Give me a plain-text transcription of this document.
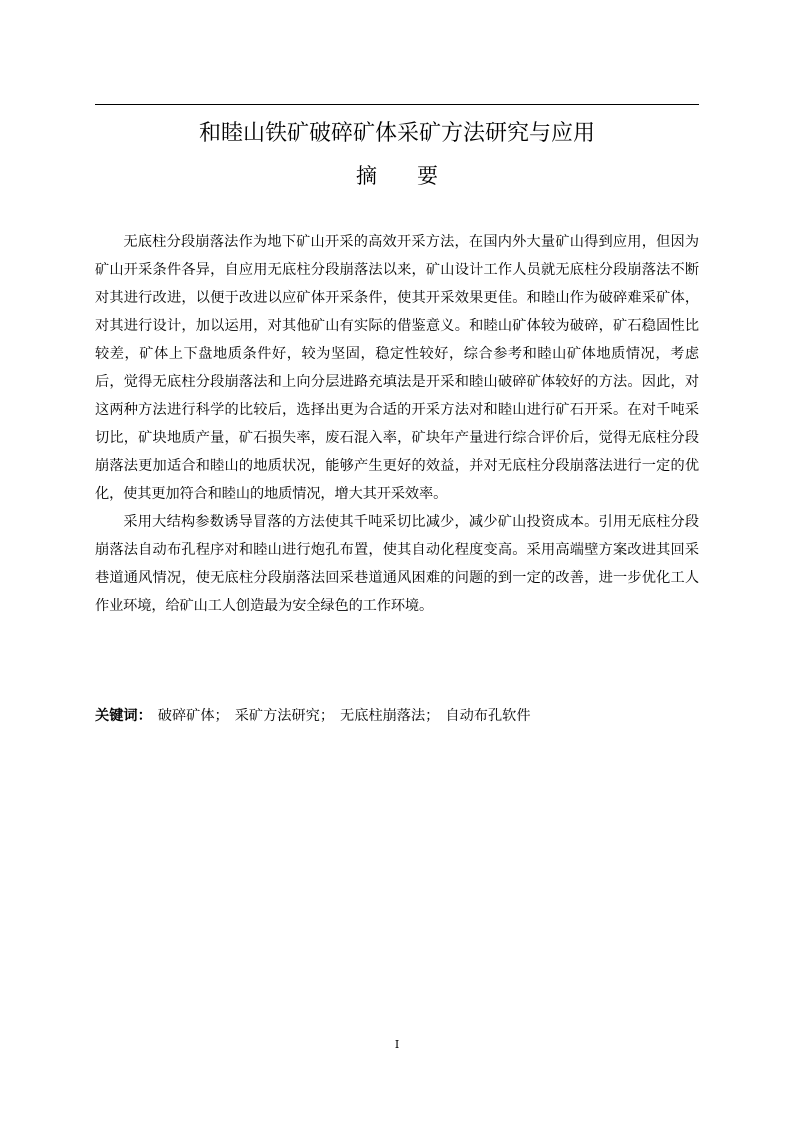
和睦山铁矿破碎矿体采矿方法研究与应用
摘      要

无底柱分段崩落法作为地下矿山开采的高效开采方法，在国内外大量矿山得到应用，但因为矿山开采条件各异，自应用无底柱分段崩落法以来，矿山设计工作人员就无底柱分段崩落法不断对其进行改进，以便于改进以应矿体开采条件，使其开采效果更佳。和睦山作为破碎难采矿体，对其进行设计，加以运用，对其他矿山有实际的借鉴意义。和睦山矿体较为破碎，矿石稳固性比较差，矿体上下盘地质条件好，较为坚固，稳定性较好，综合参考和睦山矿体地质情况，考虑后，觉得无底柱分段崩落法和上向分层进路充填法是开采和睦山破碎矿体较好的方法。因此，对这两种方法进行科学的比较后，选择出更为合适的开采方法对和睦山进行矿石开采。在对千吨采切比，矿块地质产量，矿石损失率，废石混入率，矿块年产量进行综合评价后，觉得无底柱分段崩落法更加适合和睦山的地质状况，能够产生更好的效益，并对无底柱分段崩落法进行一定的优化，使其更加符合和睦山的地质情况，增大其开采效率。

采用大结构参数诱导冒落的方法使其千吨采切比减少，减少矿山投资成本。引用无底柱分段崩落法自动布孔程序对和睦山进行炮孔布置，使其自动化程度变高。采用高端壁方案改进其回采巷道通风情况，使无底柱分段崩落法回采巷道通风困难的问题的到一定的改善，进一步优化工人作业环境，给矿山工人创造最为安全绿色的工作环境。

关键词： 破碎矿体； 采矿方法研究； 无底柱崩落法； 自动布孔软件
I
